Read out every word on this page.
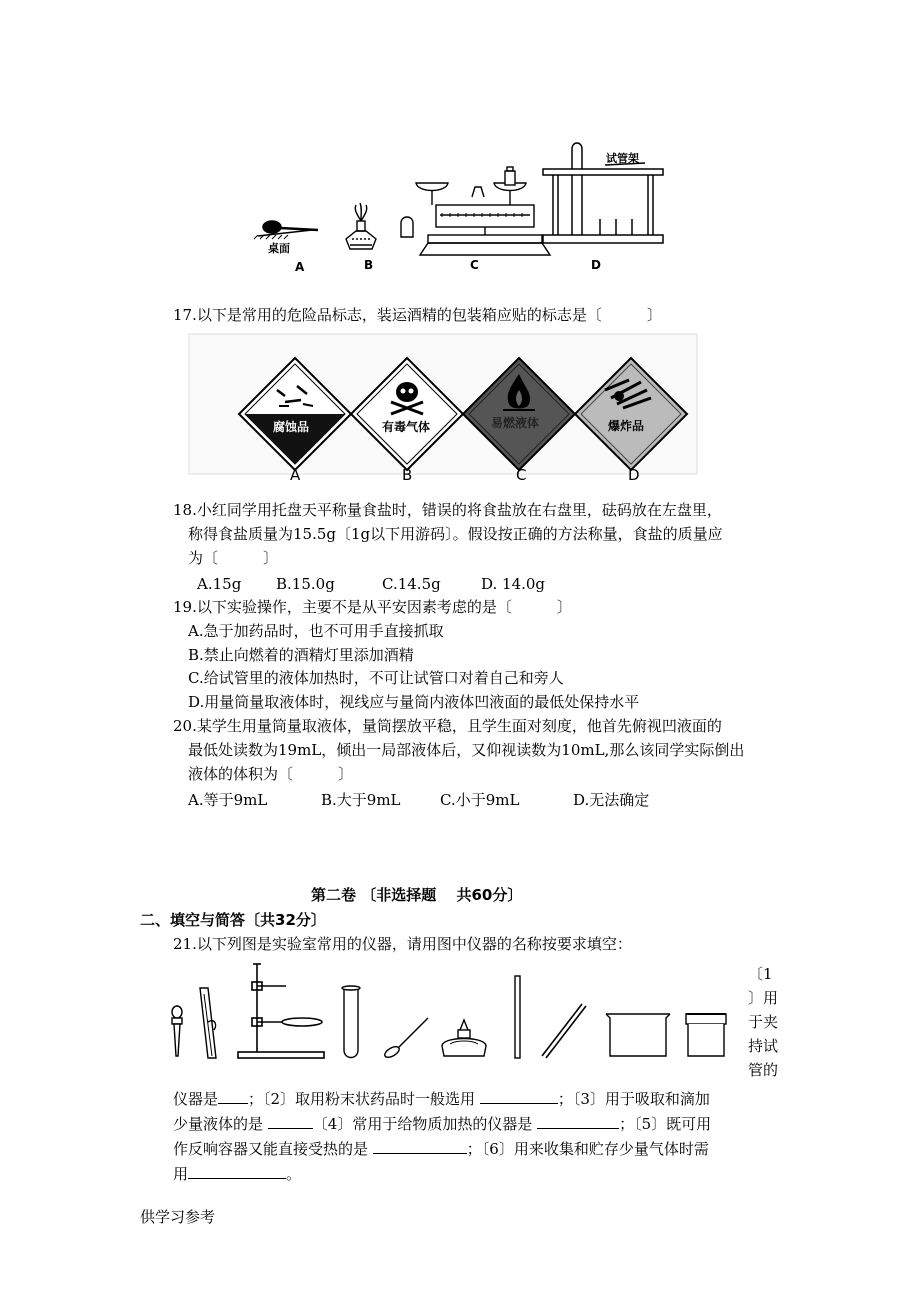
桌面
试管架
A	B	C	D
17.以下是常用的危险品标志，装运酒精的包装箱应贴的标志是〔　　　〕
腐蚀品	有毒气体	易燃液体	爆炸品
A	B	C	D
18.小红同学用托盘天平称量食盐时，错误的将食盐放在右盘里，砝码放在左盘里，
称得食盐质量为15.5g〔1g以下用游码〕。假设按正确的方法称量，食盐的质量应
为〔　　　〕
A.15g B.15.0g	C.14.5g	D. 14.0g
19.以下实验操作，主要不是从平安因素考虑的是〔　　　〕
A.急于加药品时，也不可用手直接抓取
B.禁止向燃着的酒精灯里添加酒精
C.给试管里的液体加热时，不可让试管口对着自己和旁人
D.用量筒量取液体时，视线应与量筒内液体凹液面的最低处保持水平
20.某学生用量筒量取液体，量筒摆放平稳，且学生面对刻度，他首先俯视凹液面的
最低处读数为19mL，倾出一局部液体后，又仰视读数为10mL,那么该同学实际倒出
液体的体积为〔　　　〕
A.等于9mL	B.大于9mL	C.小于9mL	D.无法确定
第二卷 〔非选择题　 共60分〕
二、填空与简答〔共32分〕
21.以下列图是实验室常用的仪器，请用图中仪器的名称按要求填空：
〔1
〕用
于夹
持试
管的
仪器是 ；〔2〕取用粉末状药品时一般选用	；〔3〕用于吸取和滴加
少量液体的是	〔4〕常用于给物质加热的仪器是	；〔5〕既可用
作反响容器又能直接受热的是	；〔6〕用来收集和贮存少量气体时需
用	。
供学习参考
